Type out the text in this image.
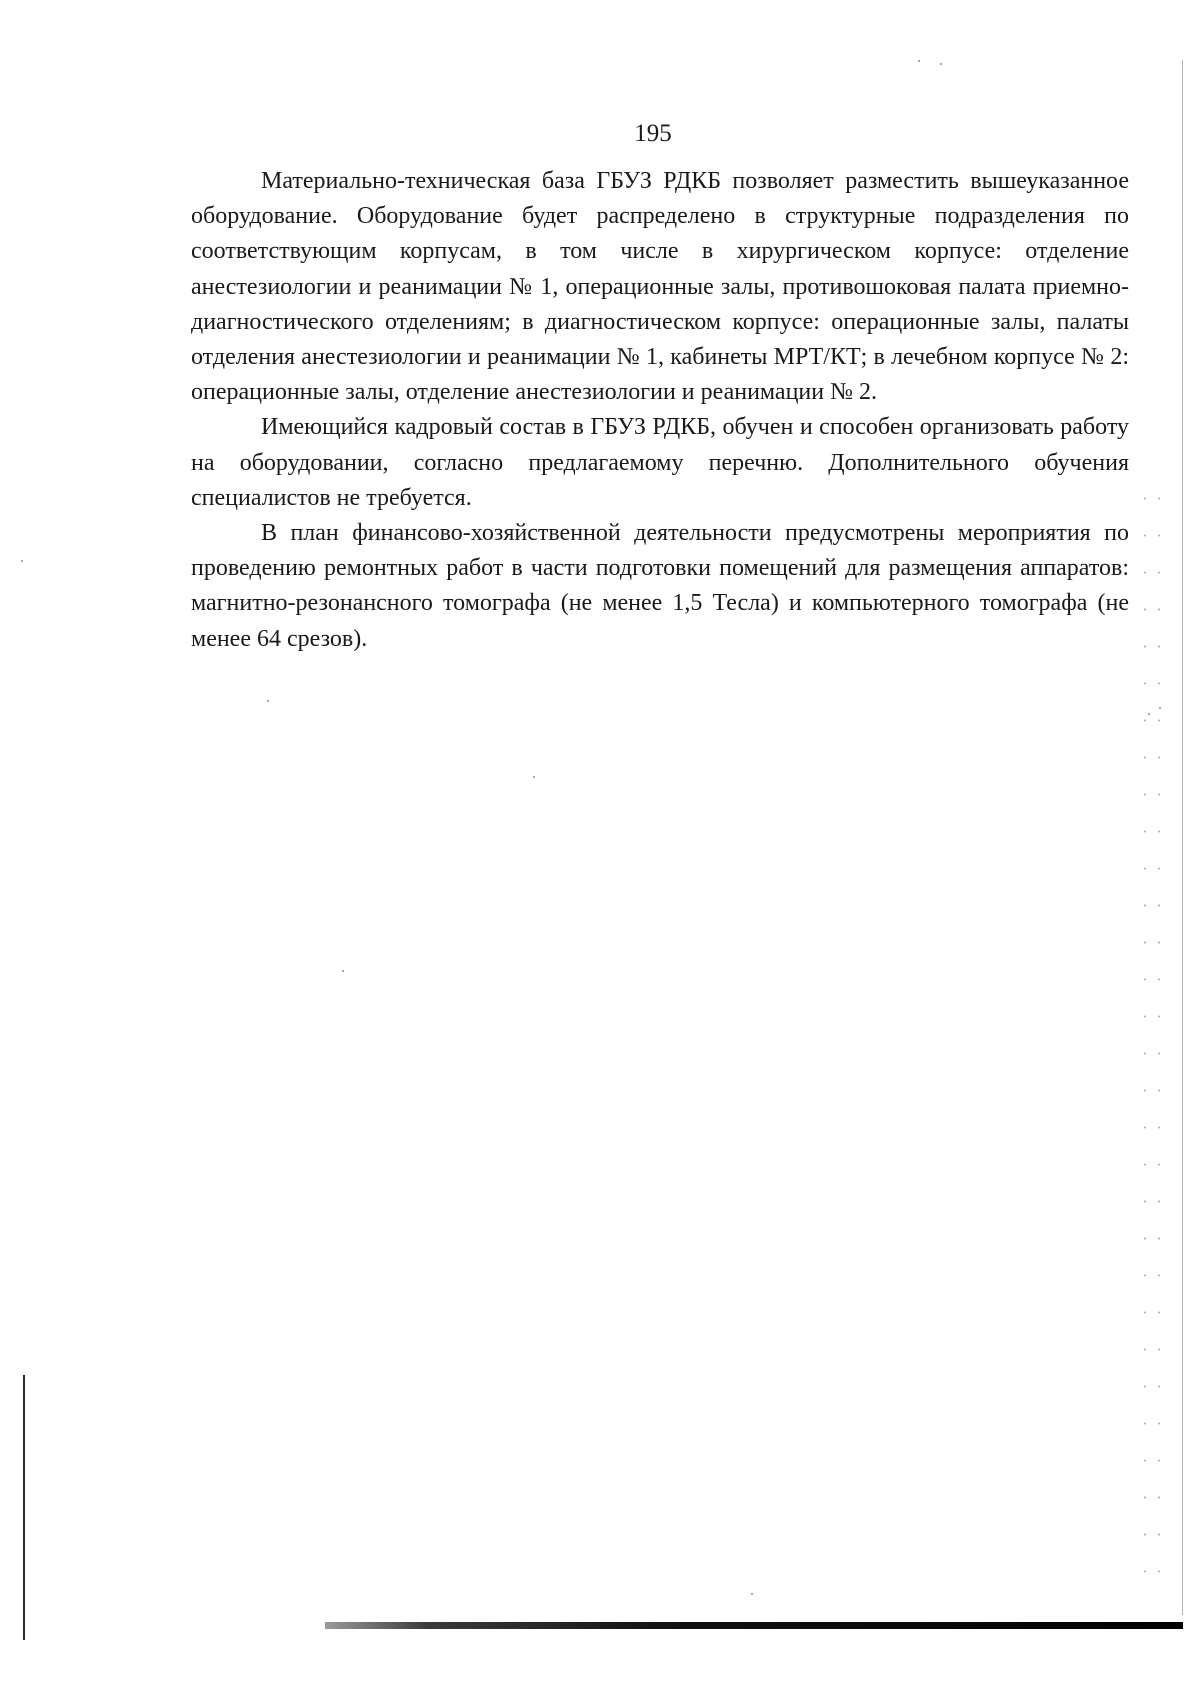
195

Материально-техническая база ГБУЗ РДКБ позволяет разместить вышеуказанное оборудование. Оборудование будет распределено в структурные подразделения по соответствующим корпусам, в том числе в хирургическом корпусе: отделение анестезиологии и реанимации № 1, операционные залы, противошоковая палата приемно-диагностического отделениям; в диагностическом корпусе: операционные залы, палаты отделения анестезиологии и реанимации № 1, кабинеты МРТ/КТ; в лечебном корпусе № 2: операционные залы, отделение анестезиологии и реанимации № 2.

Имеющийся кадровый состав в ГБУЗ РДКБ, обучен и способен организовать работу на оборудовании, согласно предлагаемому перечню. Дополнительного обучения специалистов не требуется.

В план финансово-хозяйственной деятельности предусмотрены мероприятия по проведению ремонтных работ в части подготовки помещений для размещения аппаратов: магнитно-резонансного томографа (не менее 1,5 Тесла) и компьютерного томографа (не менее 64 срезов).
